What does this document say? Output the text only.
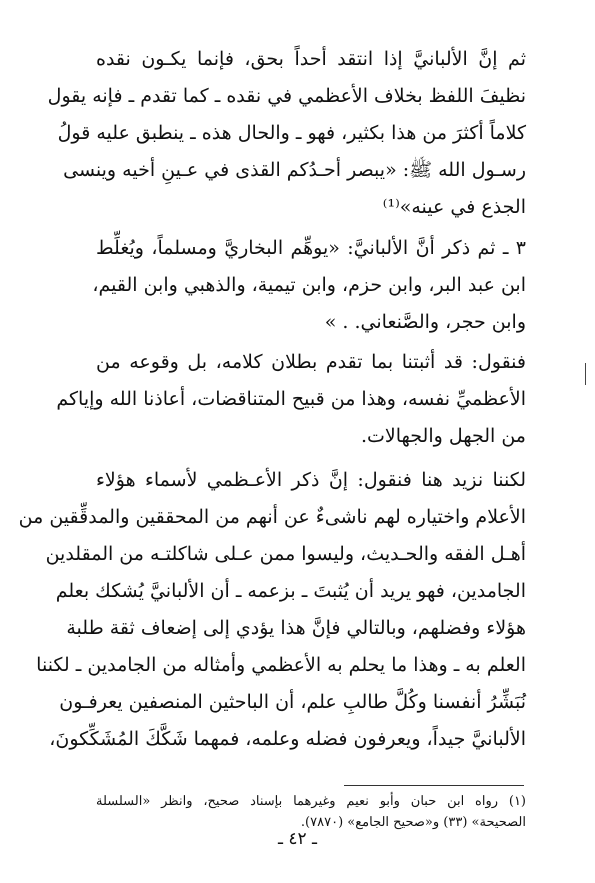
ثم إنَّ الألبانيَّ إذا انتقد أحداً بحق، فإنما يكـون نقده
نظيفَ اللفظ بخلاف الأعظمي في نقده ـ كما تقدم ـ فإنه يقول
كلاماً أكثرَ من هذا بكثير، فهو ـ والحال هذه ـ ينطبق عليه قولُ
رسـول الله ﷺ: «يبصر أحـدُكم القذى في عـينِ أخيه وينسى
الجذع في عينه»⁽¹⁾
٣ ـ ثم ذكر أنَّ الألبانيَّ: «يوهِّم البخاريَّ ومسلماً، ويُغلِّط
ابن عبد البر، وابن حزم، وابن تيمية، والذهبي وابن القيم،
وابن حجر، والصَّنعاني. . »
فنقول: قد أثبتنا بما تقدم بطلان كلامه، بل وقوعه من
الأعظميِّ نفسه، وهذا من قبيح المتناقضات، أعاذنا الله وإياكم
من الجهل والجهالات.
لكننا نزيد هنا فنقول: إنَّ ذكر الأعـظمي لأسماء هؤلاء
الأعلام واختياره لهم ناشىءٌ عن أنهم من المحققين والمدقِّقين من
أهـل الفقه والحـديث، وليسوا ممن عـلى شاكلتـه من المقلدين
الجامدين، فهو يريد أن يُثبتَ ـ بزعمه ـ أن الألبانيَّ يُشكك بعلم
هؤلاء وفضلهم، وبالتالي فإنَّ هذا يؤدي إلى إضعاف ثقة طلبة
العلم به ـ وهذا ما يحلم به الأعظمي وأمثاله من الجامدين ـ لكننا
نُبَشِّرُ أنفسنا وكُلَّ طالبِ علم، أن الباحثين المنصفين يعرفـون
الألبانيَّ جيداً، ويعرفون فضله وعلمه، فمهما شَكَّكَ المُشَكِّكونَ،
(١) رواه ابن حبان وأبو نعيم وغيرهما بإسناد صحيح، وانظر «السلسلة
الصحيحة» (٣٣) و«صحيح الجامع» (٧٨٧٠).
ـ ٤٢ ـ
